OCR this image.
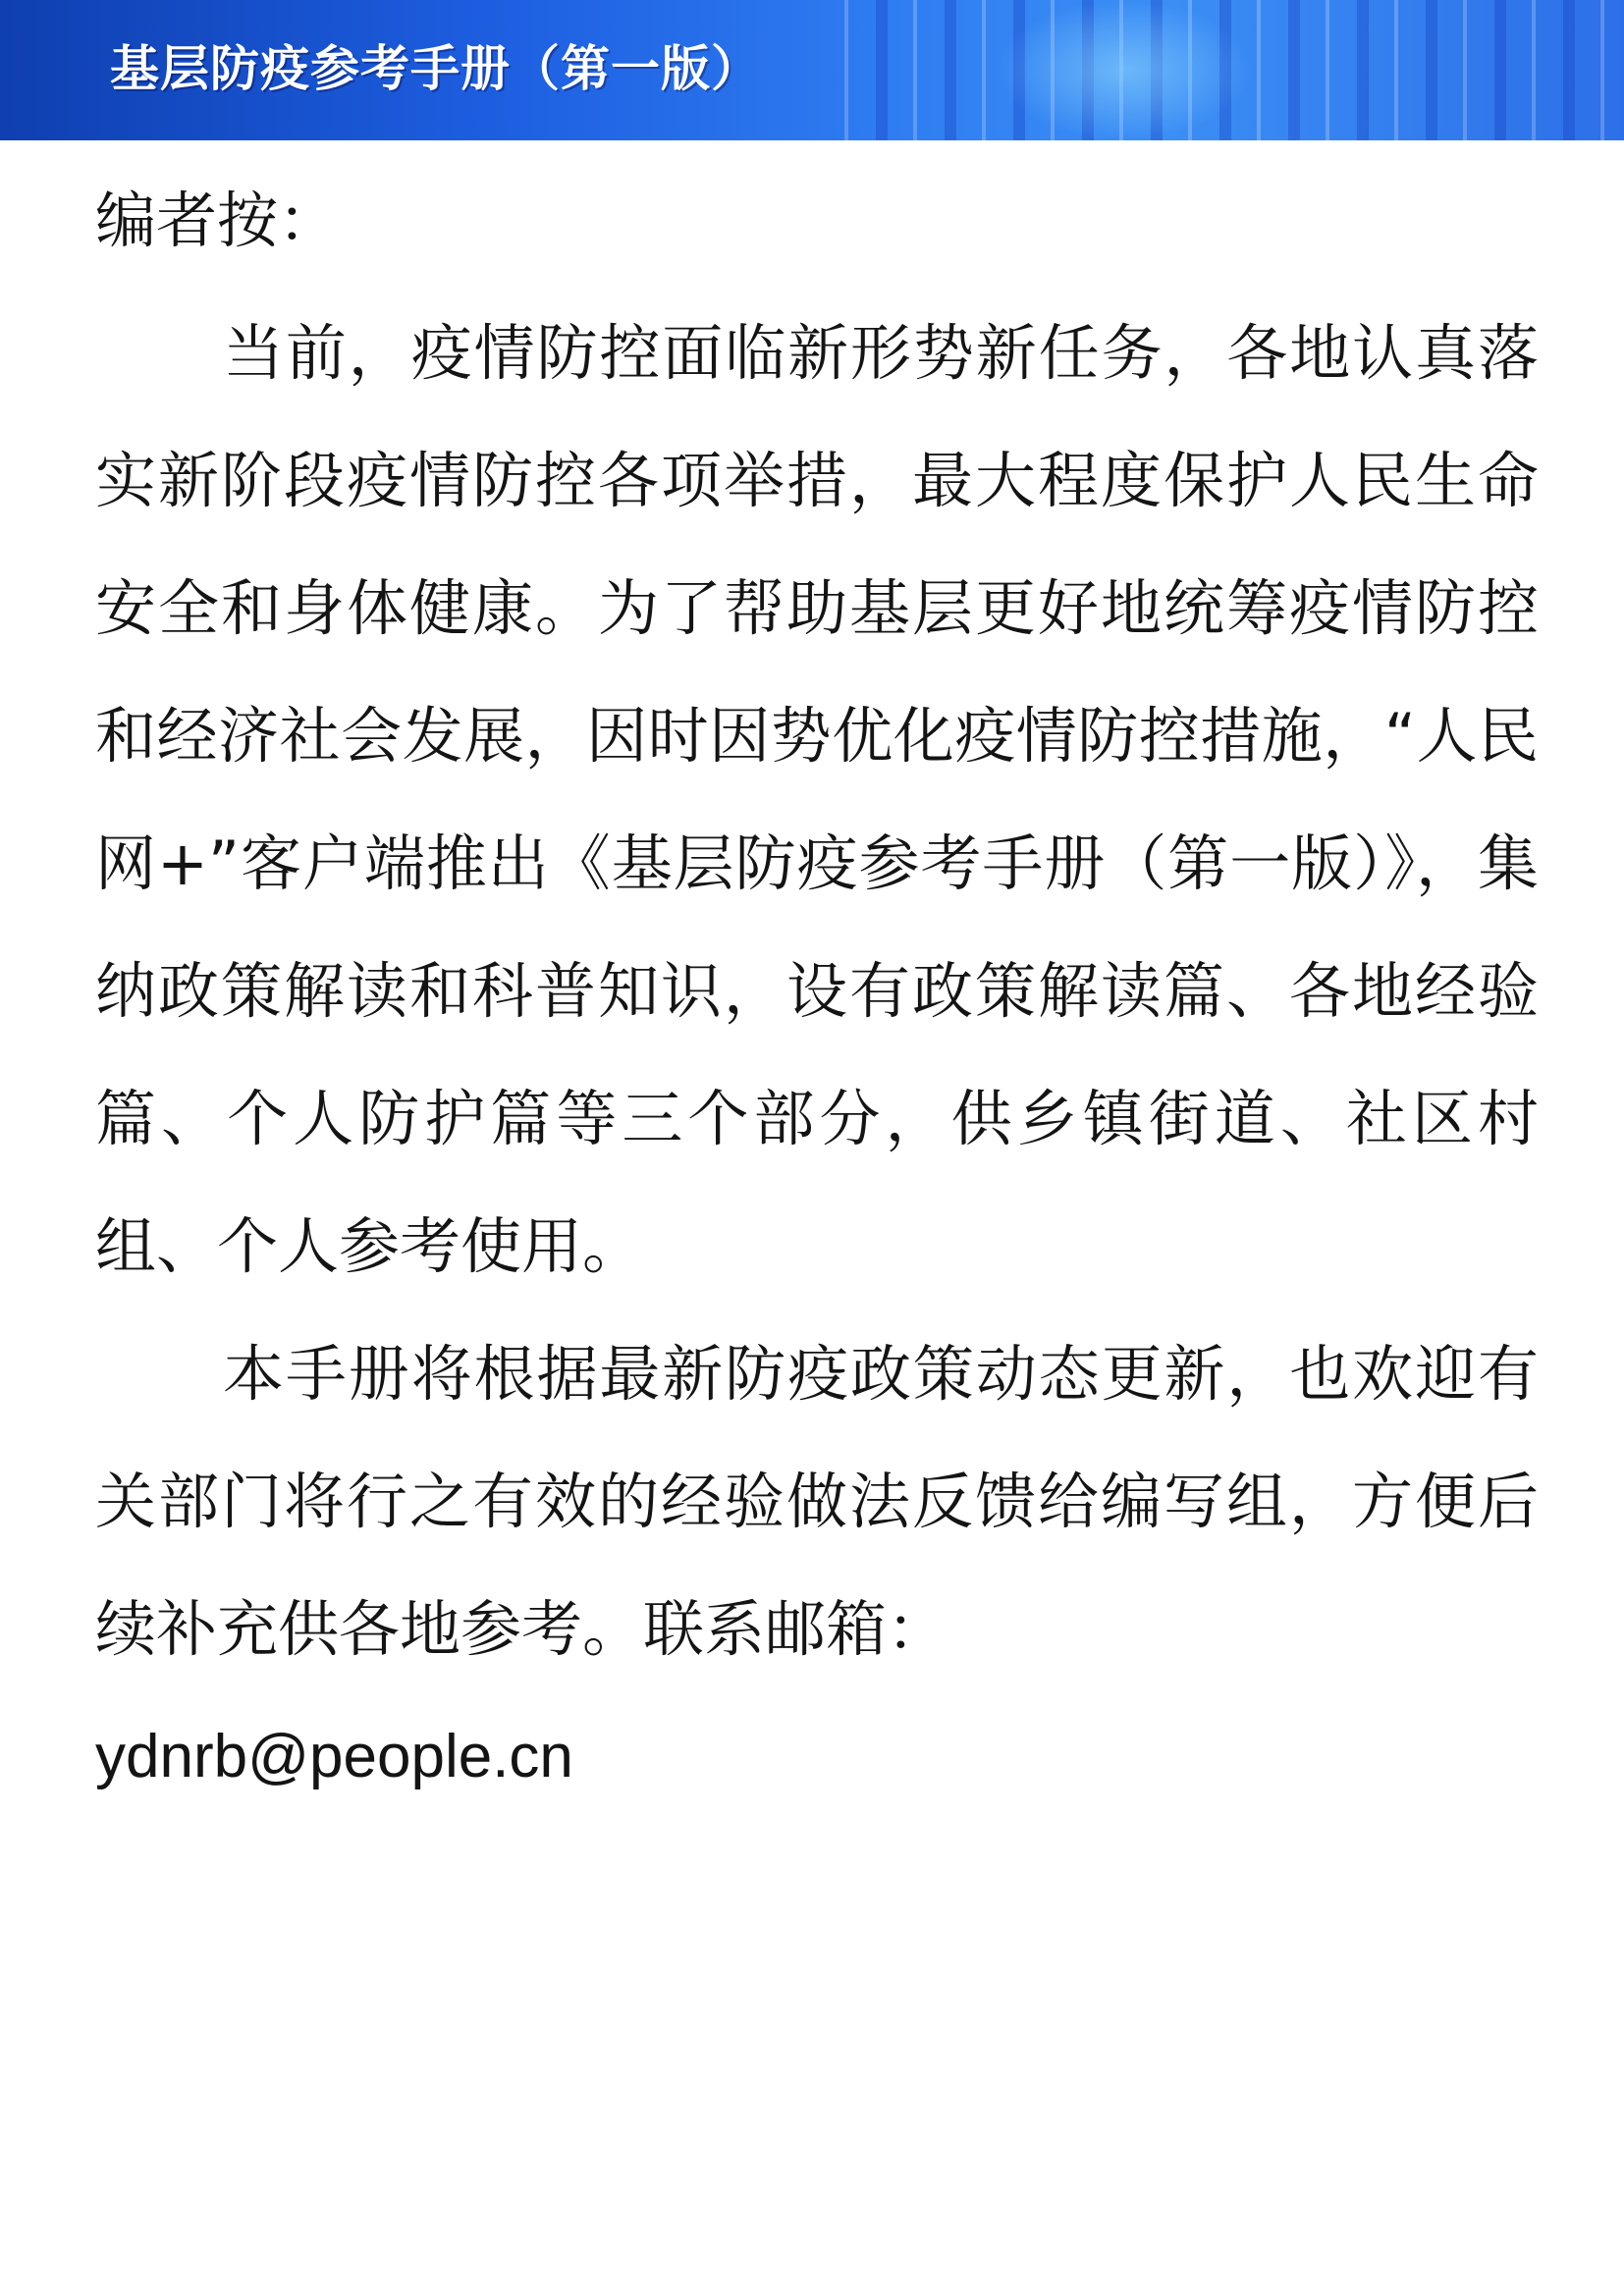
基层防疫参考手册（第一版）
编者按：

当前，疫情防控面临新形势新任务，各地认真落实新阶段疫情防控各项举措，最大程度保护人民生命安全和身体健康。为了帮助基层更好地统筹疫情防控和经济社会发展，因时因势优化疫情防控措施，“人民网+”客户端推出《基层防疫参考手册（第一版）》，集纳政策解读和科普知识，设有政策解读篇、各地经验篇、个人防护篇等三个部分，供乡镇街道、社区村组、个人参考使用。

本手册将根据最新防疫政策动态更新，也欢迎有关部门将行之有效的经验做法反馈给编写组，方便后续补充供各地参考。联系邮箱：

ydnrb@people.cn
